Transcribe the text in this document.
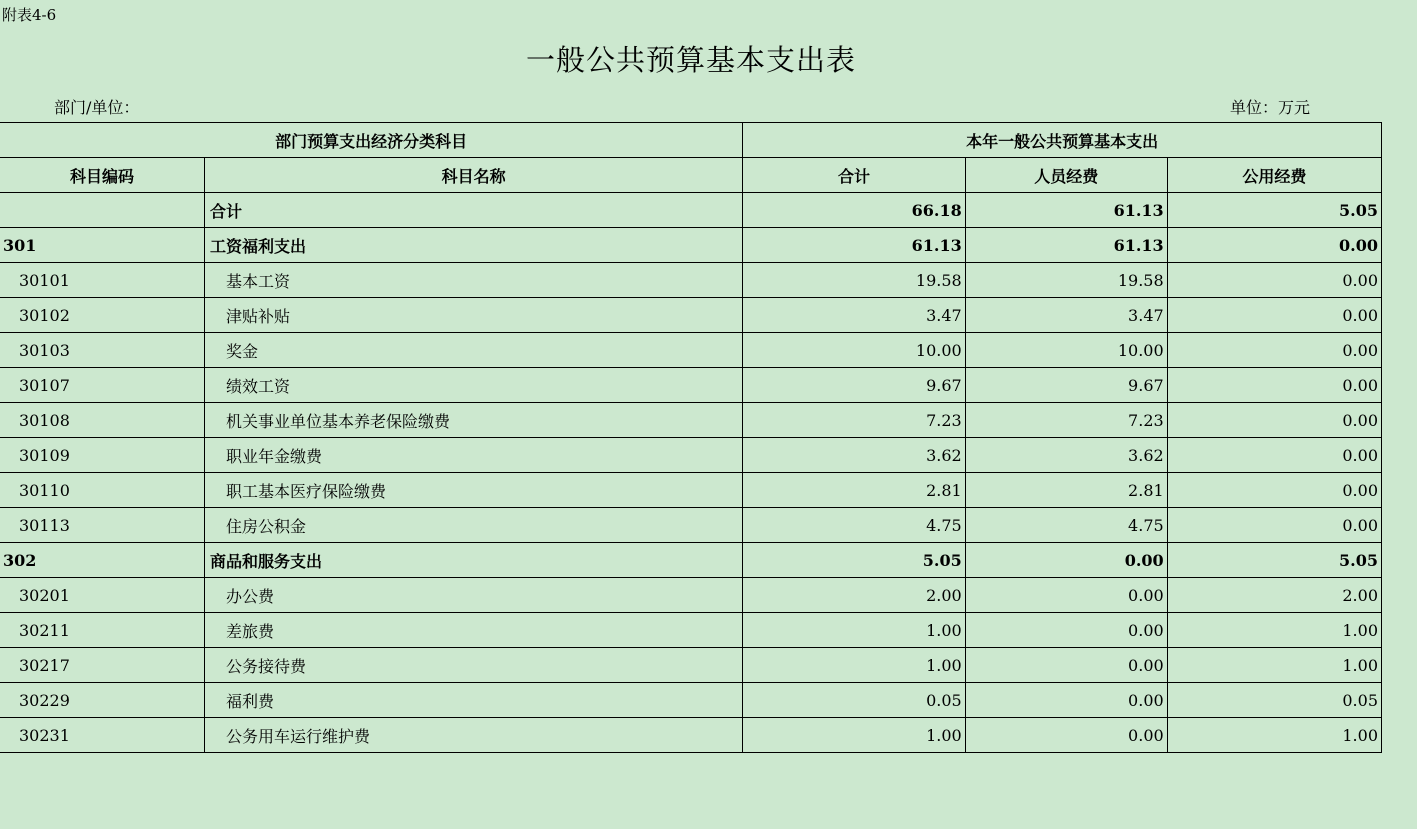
附表4-6
一般公共预算基本支出表
部门/单位：	单位：万元
部门预算支出经济分类科目		本年一般公共预算基本支出		
科目编码	科目名称	合计	人员经费	公用经费
	合计	66.18	61.13	5.05
301	工资福利支出	61.13	61.13	0.00
30101	基本工资	19.58	19.58	0.00
30102	津贴补贴	3.47	3.47	0.00
30103	奖金	10.00	10.00	0.00
30107	绩效工资	9.67	9.67	0.00
30108	机关事业单位基本养老保险缴费	7.23	7.23	0.00
30109	职业年金缴费	3.62	3.62	0.00
30110	职工基本医疗保险缴费	2.81	2.81	0.00
30113	住房公积金	4.75	4.75	0.00
302	商品和服务支出	5.05	0.00	5.05
30201	办公费	2.00	0.00	2.00
30211	差旅费	1.00	0.00	1.00
30217	公务接待费	1.00	0.00	1.00
30229	福利费	0.05	0.00	0.05
30231	公务用车运行维护费	1.00	0.00	1.00
